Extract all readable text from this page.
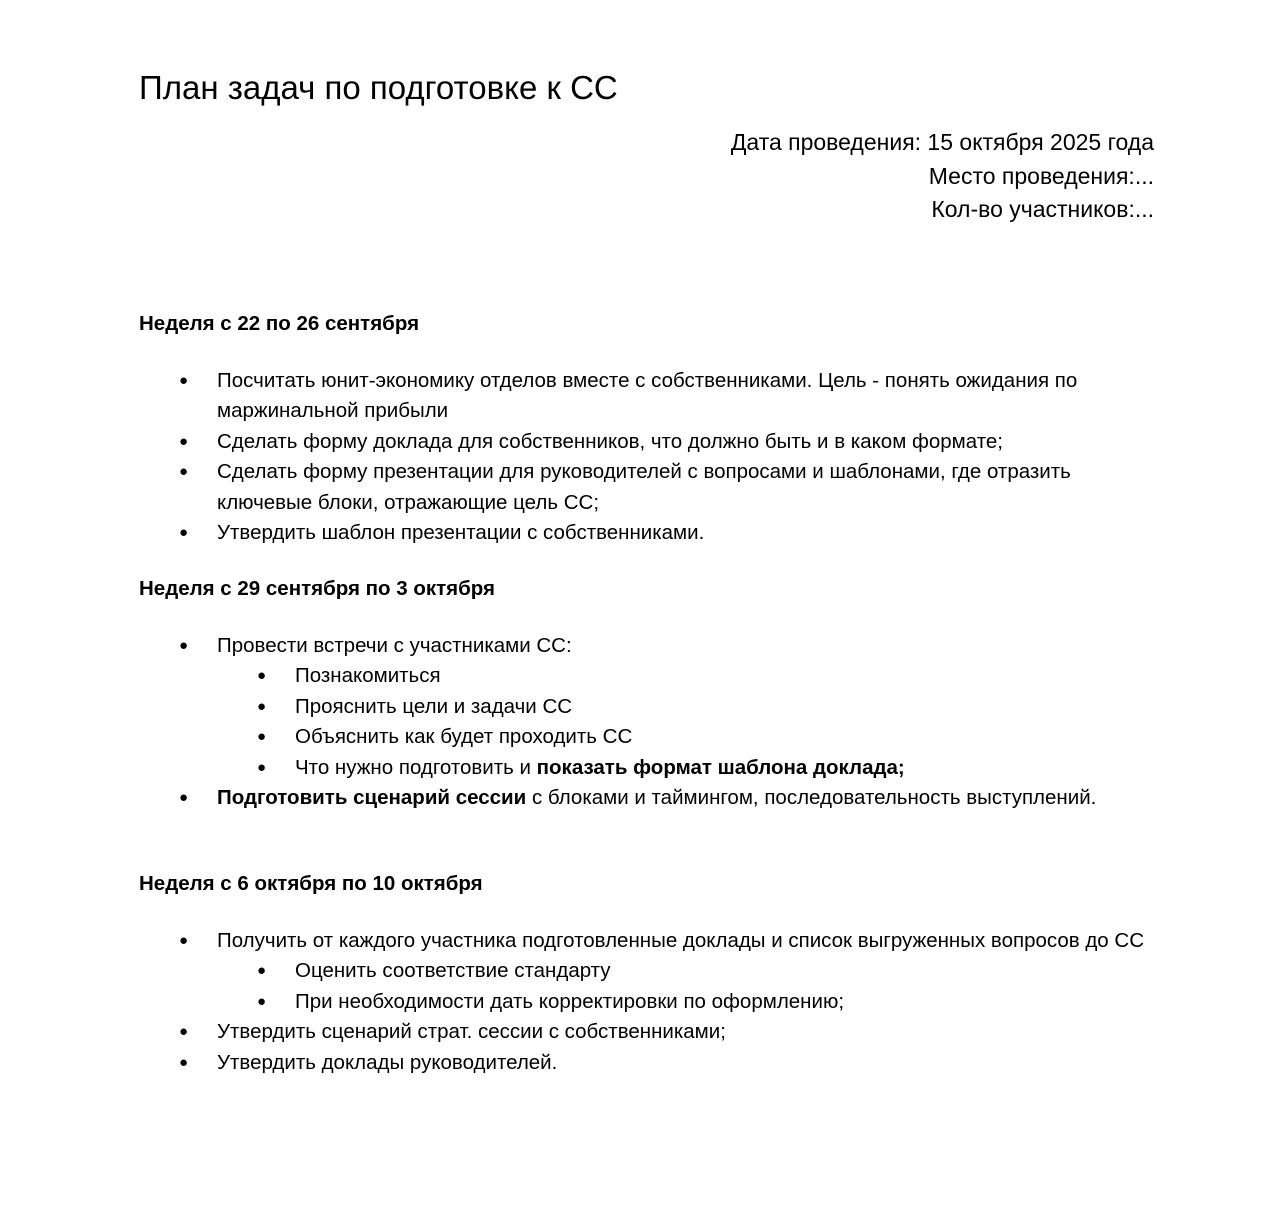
План задач по подготовке к СС
Дата проведения: 15 октября 2025 года
Место проведения:...
Кол-во участников:...
Неделя с 22 по 26 сентября
● Посчитать юнит-экономику отделов вместе с собственниками. Цель - понять ожидания по маржинальной прибыли
● Сделать форму доклада для собственников, что должно быть и в каком формате;
● Сделать форму презентации для руководителей с вопросами и шаблонами, где отразить ключевые блоки, отражающие цель СС;
● Утвердить шаблон презентации с собственниками.
Неделя с 29 сентября по 3 октября
● Провести встречи с участниками СС:
● Познакомиться
● Прояснить цели и задачи СС
● Объяснить как будет проходить СС
● Что нужно подготовить и показать формат шаблона доклада;
● Подготовить сценарий сессии с блоками и таймингом, последовательность выступлений.
Неделя с 6 октября по 10 октября
● Получить от каждого участника подготовленные доклады и список выгруженных вопросов до СС
● Оценить соответствие стандарту
● При необходимости дать корректировки по оформлению;
● Утвердить сценарий страт. сессии с собственниками;
● Утвердить доклады руководителей.
